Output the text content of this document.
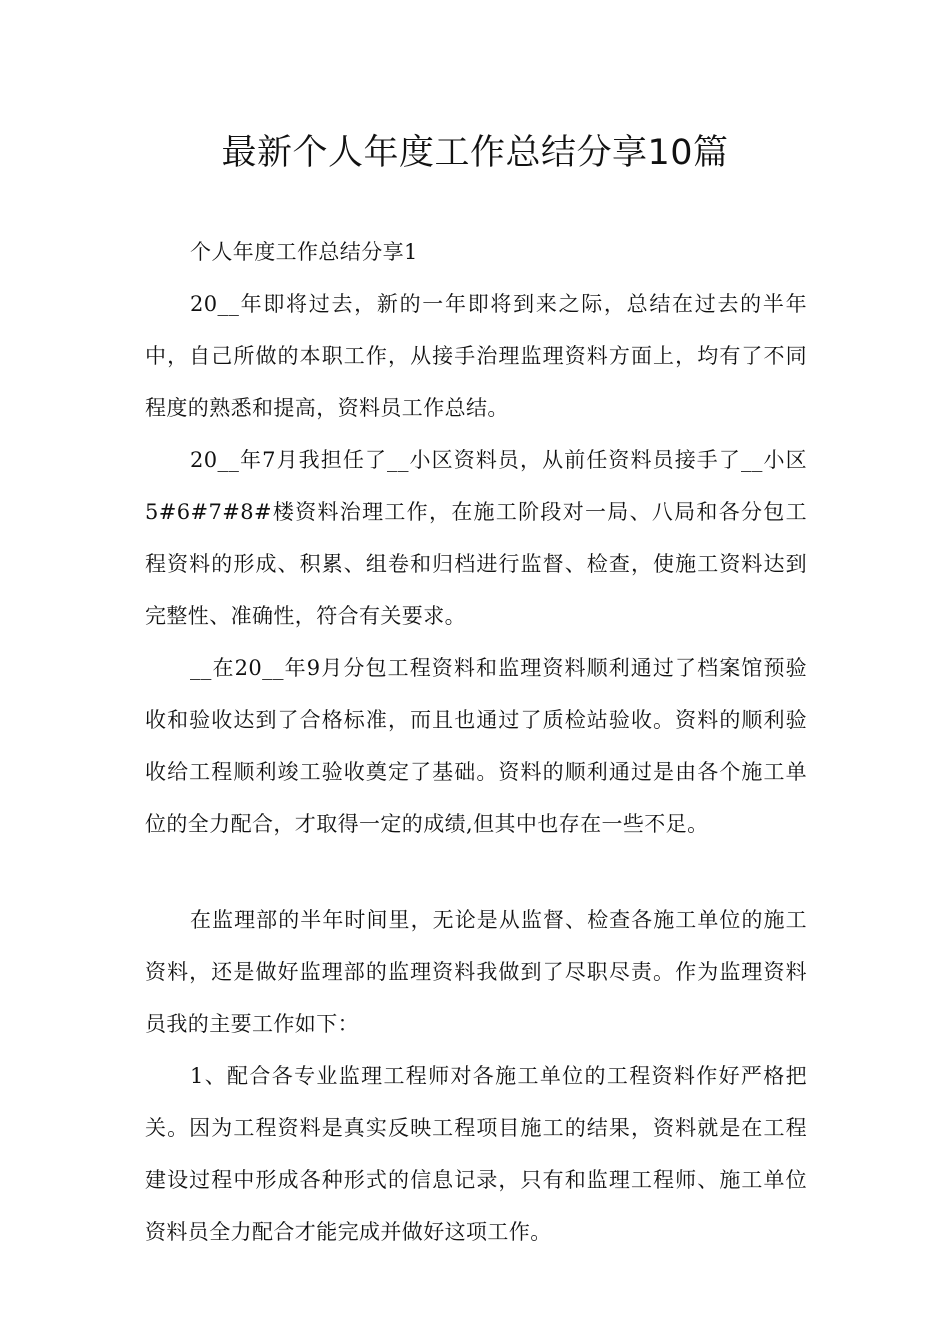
最新个人年度工作总结分享10篇

个人年度工作总结分享1

20__年即将过去，新的一年即将到来之际，总结在过去的半年中，自己所做的本职工作，从接手治理监理资料方面上，均有了不同程度的熟悉和提高，资料员工作总结。

20__年7月我担任了__小区资料员，从前任资料员接手了__小区5#6#7#8#楼资料治理工作，在施工阶段对一局、八局和各分包工程资料的形成、积累、组卷和归档进行监督、检查，使施工资料达到完整性、准确性，符合有关要求。

__在20__年9月分包工程资料和监理资料顺利通过了档案馆预验收和验收达到了合格标准，而且也通过了质检站验收。资料的顺利验收给工程顺利竣工验收奠定了基础。资料的顺利通过是由各个施工单位的全力配合，才取得一定的成绩,但其中也存在一些不足。

在监理部的半年时间里，无论是从监督、检查各施工单位的施工资料，还是做好监理部的监理资料我做到了尽职尽责。作为监理资料员我的主要工作如下：

1、配合各专业监理工程师对各施工单位的工程资料作好严格把关。因为工程资料是真实反映工程项目施工的结果，资料就是在工程建设过程中形成各种形式的信息记录，只有和监理工程师、施工单位资料员全力配合才能完成并做好这项工作。
